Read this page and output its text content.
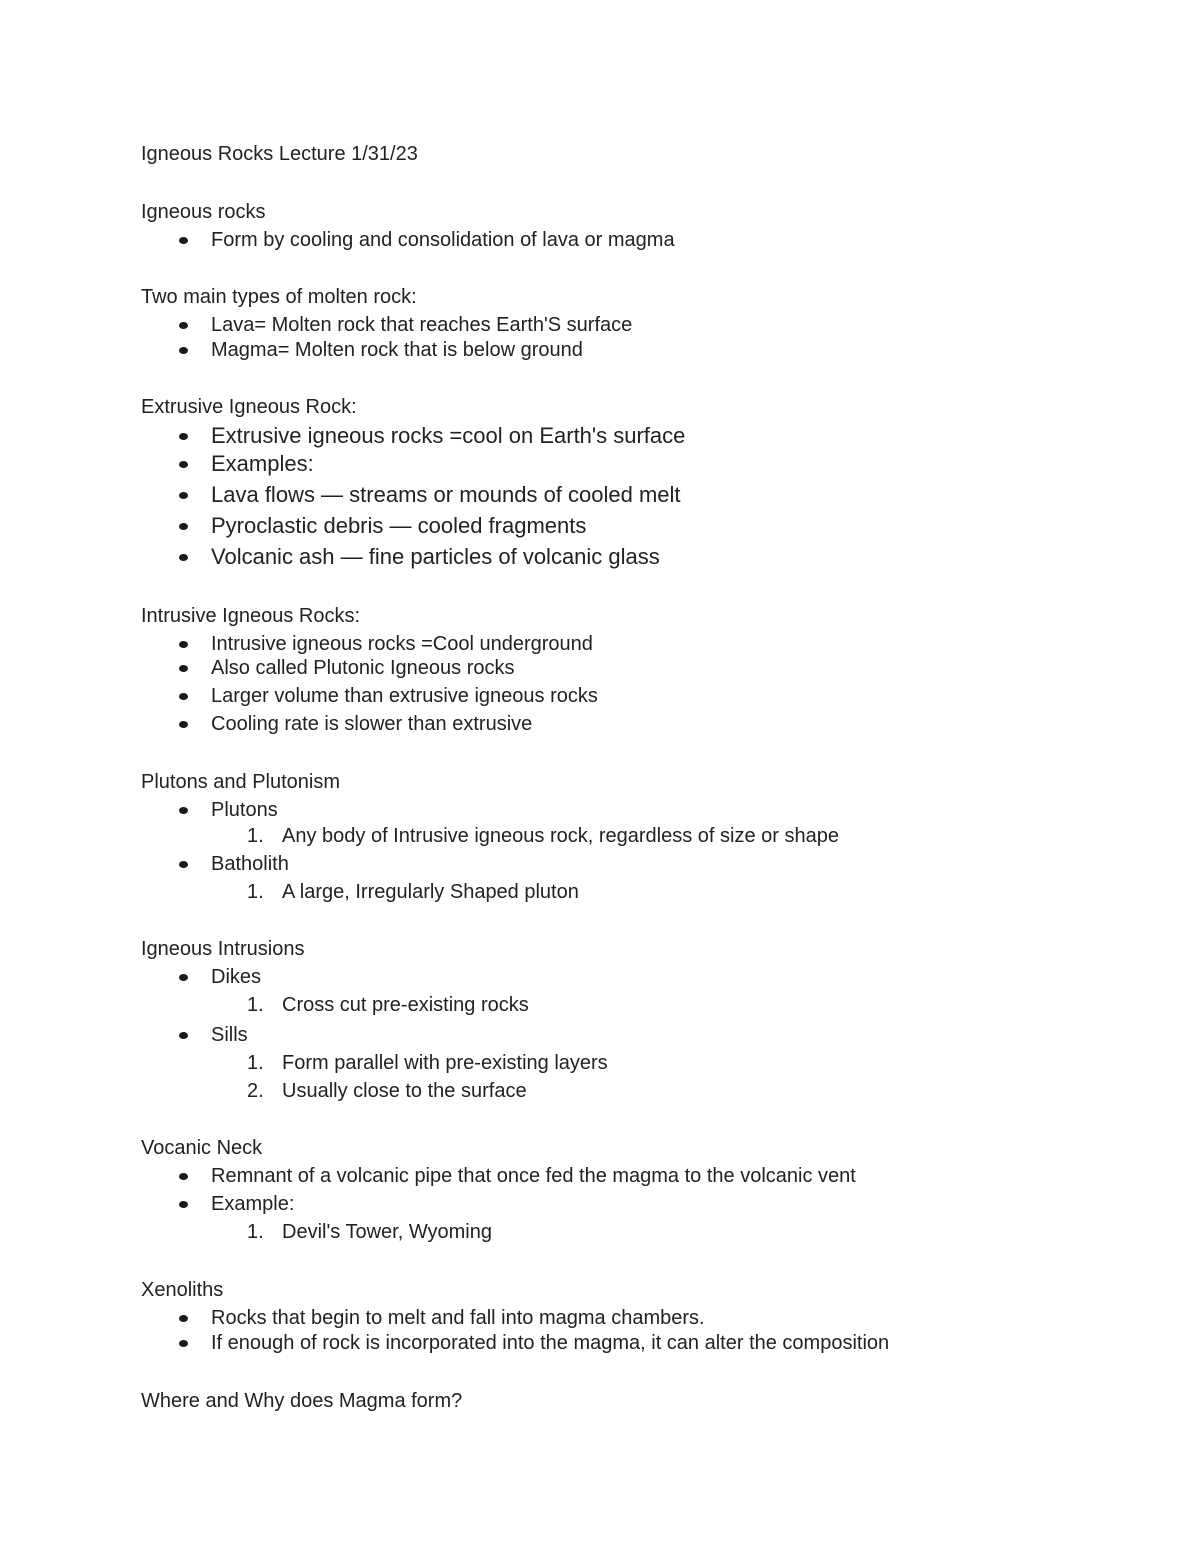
Igneous Rocks Lecture 1/31/23
Igneous rocks
Form by cooling and consolidation of lava or magma
Two main types of molten rock:
Lava= Molten rock that reaches Earth'S surface
Magma= Molten rock that is below ground
Extrusive Igneous Rock:
Extrusive igneous rocks =cool on Earth's surface
Examples:
Lava flows — streams or mounds of cooled melt
Pyroclastic debris — cooled fragments
Volcanic ash — fine particles of volcanic glass
Intrusive Igneous Rocks:
Intrusive igneous rocks =Cool underground
Also called Plutonic Igneous rocks
Larger volume than extrusive igneous rocks
Cooling rate is slower than extrusive
Plutons and Plutonism
Plutons
1. Any body of Intrusive igneous rock, regardless of size or shape
Batholith
1. A large, Irregularly Shaped pluton
Igneous Intrusions
Dikes
1. Cross cut pre-existing rocks
Sills
1. Form parallel with pre-existing layers
2. Usually close to the surface
Vocanic Neck
Remnant of a volcanic pipe that once fed the magma to the volcanic vent
Example:
1. Devil's Tower, Wyoming
Xenoliths
Rocks that begin to melt and fall into magma chambers.
If enough of rock is incorporated into the magma, it can alter the composition
Where and Why does Magma form?
